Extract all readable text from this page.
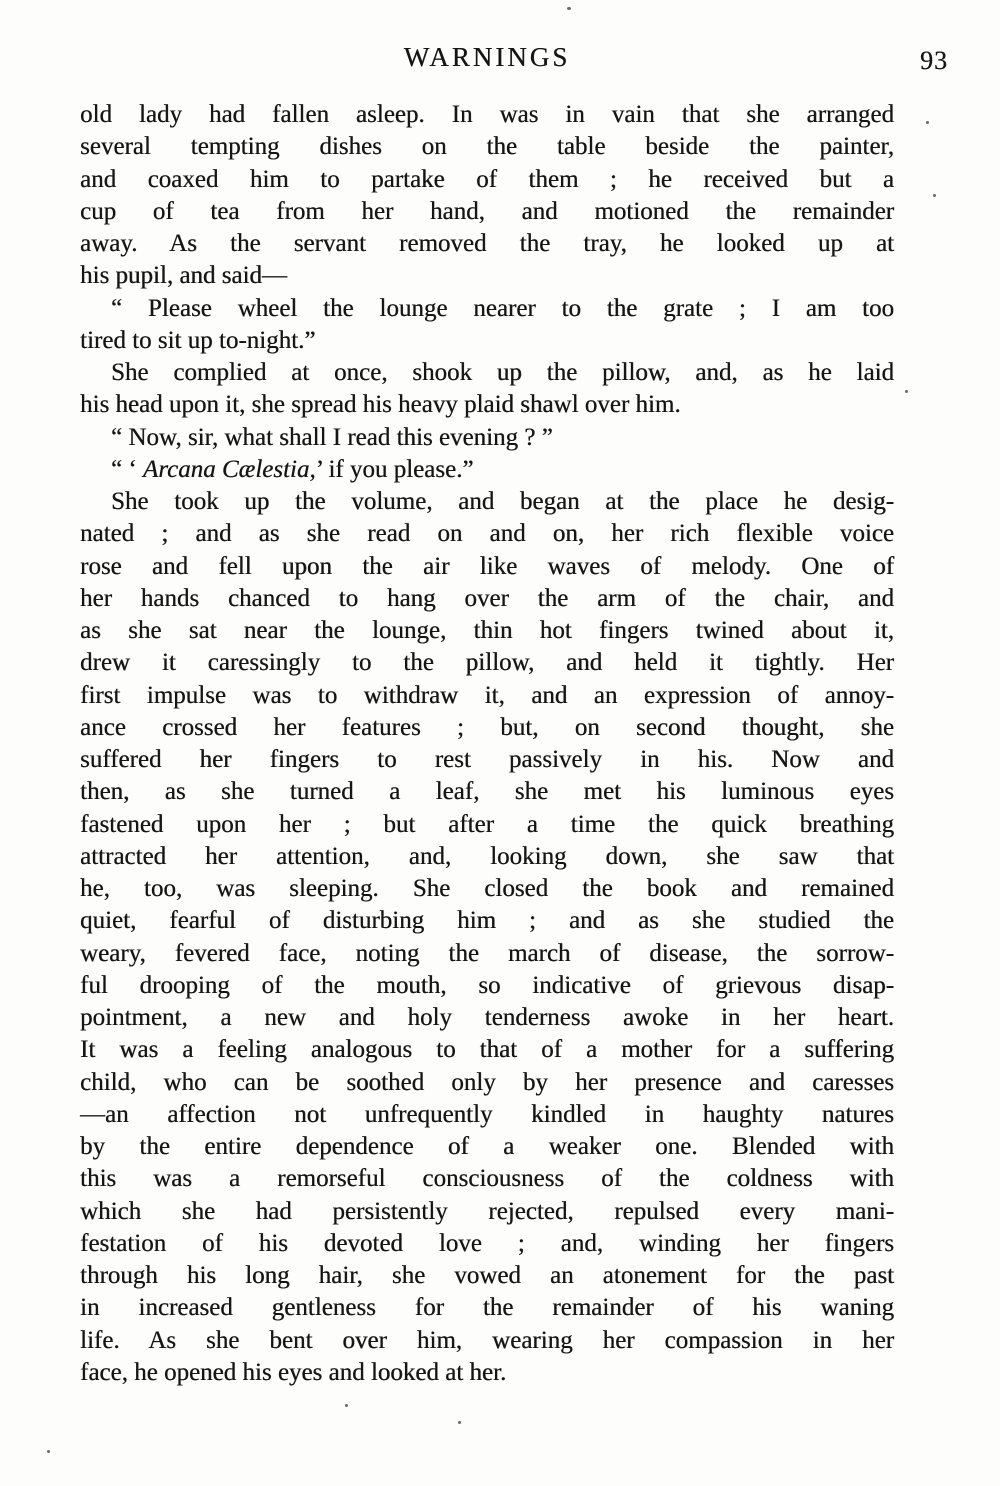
WARNINGS	93
old lady had fallen asleep. In was in vain that she arranged
several tempting dishes on the table beside the painter,
and coaxed him to partake of them ; he received but a
cup of tea from her hand, and motioned the remainder
away. As the servant removed the tray, he looked up at
his pupil, and said—
“ Please wheel the lounge nearer to the grate ; I am too
tired to sit up to-night.”
She complied at once, shook up the pillow, and, as he laid
his head upon it, she spread his heavy plaid shawl over him.
“ Now, sir, what shall I read this evening ? ”
“ ‘ Arcana Cælestia,’ if you please.”
She took up the volume, and began at the place he desig-
nated ; and as she read on and on, her rich flexible voice
rose and fell upon the air like waves of melody. One of
her hands chanced to hang over the arm of the chair, and
as she sat near the lounge, thin hot fingers twined about it,
drew it caressingly to the pillow, and held it tightly. Her
first impulse was to withdraw it, and an expression of annoy-
ance crossed her features ; but, on second thought, she
suffered her fingers to rest passively in his. Now and
then, as she turned a leaf, she met his luminous eyes
fastened upon her ; but after a time the quick breathing
attracted her attention, and, looking down, she saw that
he, too, was sleeping. She closed the book and remained
quiet, fearful of disturbing him ; and as she studied the
weary, fevered face, noting the march of disease, the sorrow-
ful drooping of the mouth, so indicative of grievous disap-
pointment, a new and holy tenderness awoke in her heart.
It was a feeling analogous to that of a mother for a suffering
child, who can be soothed only by her presence and caresses
—an affection not unfrequently kindled in haughty natures
by the entire dependence of a weaker one. Blended with
this was a remorseful consciousness of the coldness with
which she had persistently rejected, repulsed every mani-
festation of his devoted love ; and, winding her fingers
through his long hair, she vowed an atonement for the past
in increased gentleness for the remainder of his waning
life. As she bent over him, wearing her compassion in her
face, he opened his eyes and looked at her.
